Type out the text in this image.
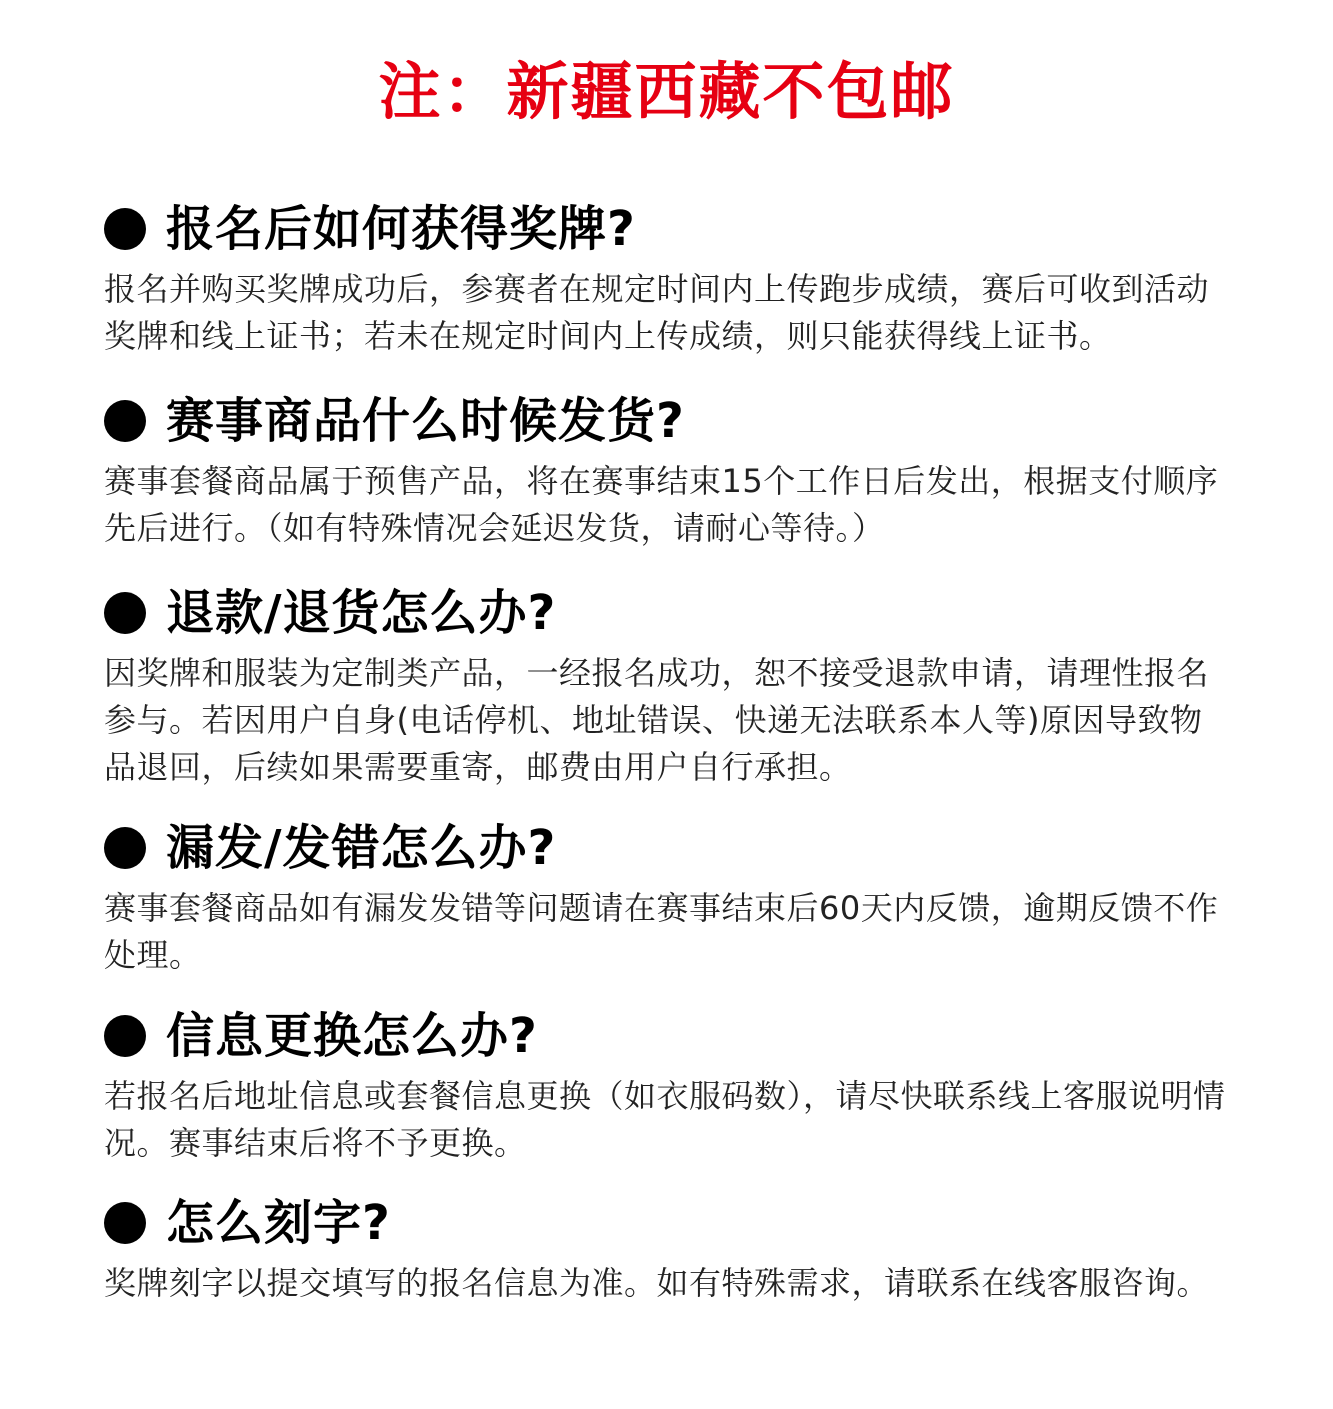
注：新疆西藏不包邮
报名后如何获得奖牌?
报名并购买奖牌成功后，参赛者在规定时间内上传跑步成绩，赛后可收到活动奖牌和线上证书；若未在规定时间内上传成绩，则只能获得线上证书。
赛事商品什么时候发货?
赛事套餐商品属于预售产品，将在赛事结束15个工作日后发出，根据支付顺序先后进行。（如有特殊情况会延迟发货，请耐心等待。）
退款/退货怎么办?
因奖牌和服装为定制类产品，一经报名成功，恕不接受退款申请，请理性报名参与。若因用户自身(电话停机、地址错误、快递无法联系本人等)原因导致物品退回，后续如果需要重寄，邮费由用户自行承担。
漏发/发错怎么办?
赛事套餐商品如有漏发发错等问题请在赛事结束后60天内反馈，逾期反馈不作处理。
信息更换怎么办?
若报名后地址信息或套餐信息更换（如衣服码数），请尽快联系线上客服说明情况。赛事结束后将不予更换。
怎么刻字?
奖牌刻字以提交填写的报名信息为准。如有特殊需求，请联系在线客服咨询。
